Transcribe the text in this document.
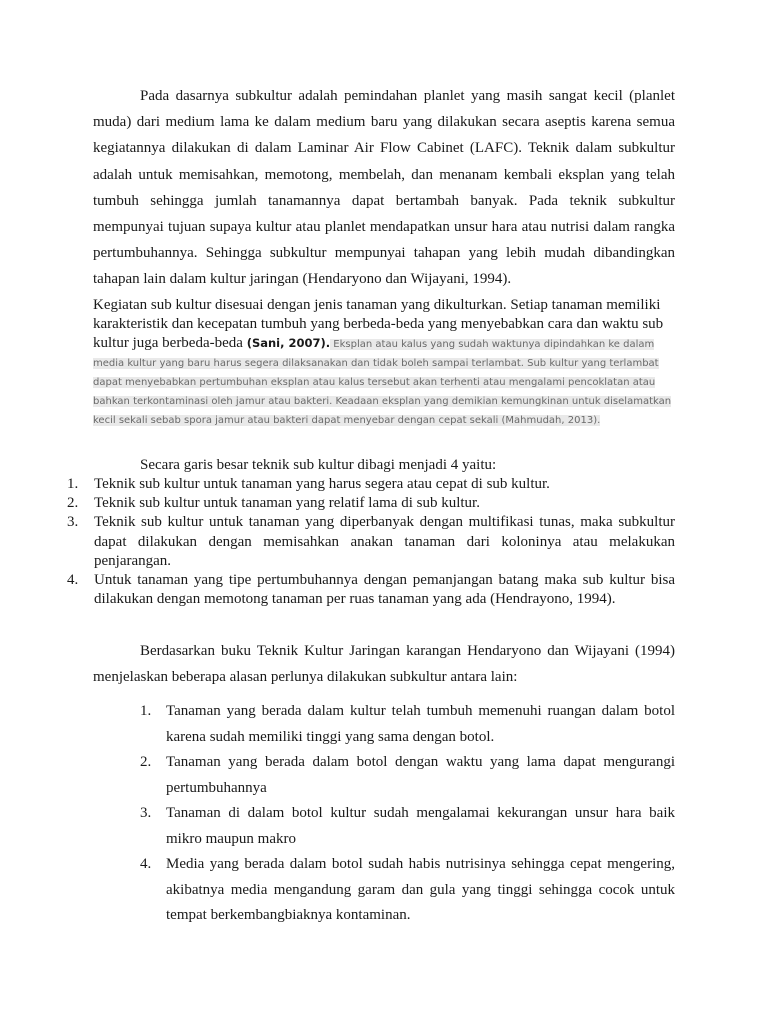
Pada dasarnya subkultur adalah pemindahan planlet yang masih sangat kecil (planlet muda) dari medium lama ke dalam medium baru yang dilakukan secara aseptis karena semua kegiatannya dilakukan di dalam Laminar Air Flow Cabinet (LAFC). Teknik dalam subkultur adalah untuk memisahkan, memotong, membelah, dan menanam kembali eksplan yang telah tumbuh sehingga jumlah tanamannya dapat bertambah banyak. Pada teknik subkultur mempunyai tujuan supaya kultur atau planlet mendapatkan unsur hara atau nutrisi dalam rangka pertumbuhannya. Sehingga subkultur mempunyai tahapan yang lebih mudah dibandingkan tahapan lain dalam kultur jaringan (Hendaryono dan Wijayani, 1994).

Kegiatan sub kultur disesuai dengan jenis tanaman yang dikulturkan. Setiap tanaman memiliki karakteristik dan kecepatan tumbuh yang berbeda-beda yang menyebabkan cara dan waktu sub kultur juga berbeda-beda (Sani, 2007). Eksplan atau kalus yang sudah waktunya dipindahkan ke dalam media kultur yang baru harus segera dilaksanakan dan tidak boleh sampai terlambat. Sub kultur yang terlambat dapat menyebabkan pertumbuhan eksplan atau kalus tersebut akan terhenti atau mengalami pencoklatan atau bahkan terkontaminasi oleh jamur atau bakteri. Keadaan eksplan yang demikian kemungkinan untuk diselamatkan kecil sekali sebab spora jamur atau bakteri dapat menyebar dengan cepat sekali (Mahmudah, 2013).

Secara garis besar teknik sub kultur dibagi menjadi 4 yaitu:

1. Teknik sub kultur untuk tanaman yang harus segera atau cepat di sub kultur.
2. Teknik sub kultur untuk tanaman yang relatif lama di sub kultur.
3. Teknik sub kultur untuk tanaman yang diperbanyak dengan multifikasi tunas, maka subkultur dapat dilakukan dengan memisahkan anakan tanaman dari koloninya atau melakukan penjarangan.
4. Untuk tanaman yang tipe pertumbuhannya dengan pemanjangan batang maka sub kultur bisa dilakukan dengan memotong tanaman per ruas tanaman yang ada (Hendrayono, 1994).

Berdasarkan buku Teknik Kultur Jaringan karangan Hendaryono dan Wijayani (1994) menjelaskan beberapa alasan perlunya dilakukan subkultur antara lain:

1. Tanaman yang berada dalam kultur telah tumbuh memenuhi ruangan dalam botol karena sudah memiliki tinggi yang sama dengan botol.
2. Tanaman yang berada dalam botol dengan waktu yang lama dapat mengurangi pertumbuhannya
3. Tanaman di dalam botol kultur sudah mengalamai kekurangan unsur hara baik mikro maupun makro
4. Media yang berada dalam botol sudah habis nutrisinya sehingga cepat mengering, akibatnya media mengandung garam dan gula yang tinggi sehingga cocok untuk tempat berkembangbiaknya kontaminan.
